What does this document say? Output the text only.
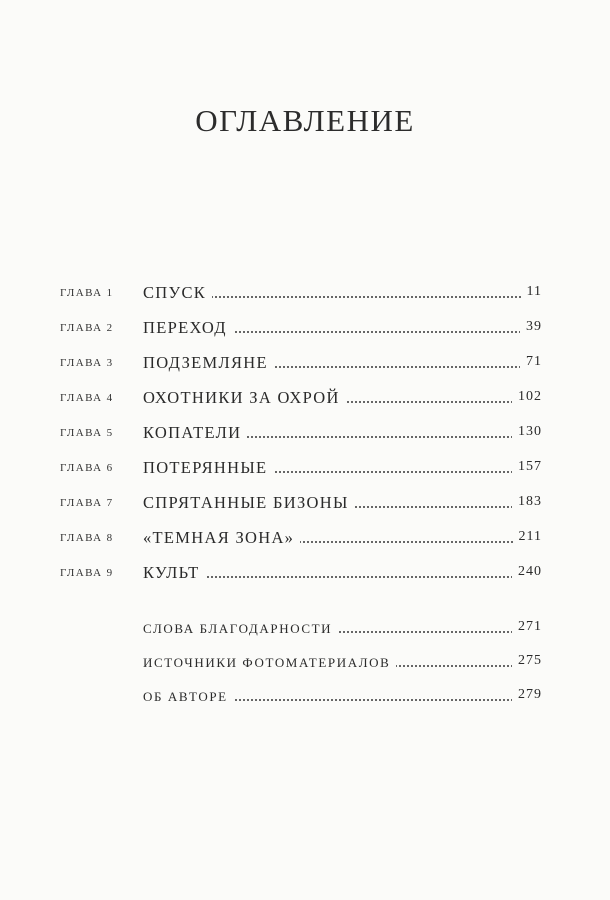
ОГЛАВЛЕНИЕ
ГЛАВА 1 СПУСК	11
ГЛАВА 2 ПЕРЕХОД	39
ГЛАВА 3 ПОДЗЕМЛЯНЕ	71
ГЛАВА 4 ОХОТНИКИ ЗА ОХРОЙ	102
ГЛАВА 5 КОПАТЕЛИ	130
ГЛАВА 6 ПОТЕРЯННЫЕ	157
ГЛАВА 7 СПРЯТАННЫЕ БИЗОНЫ	183
ГЛАВА 8 «ТЕМНАЯ ЗОНА»	211
ГЛАВА 9 КУЛЬТ	240
СЛОВА БЛАГОДАРНОСТИ	271
ИСТОЧНИКИ ФОТОМАТЕРИАЛОВ	275
ОБ АВТОРЕ	279
